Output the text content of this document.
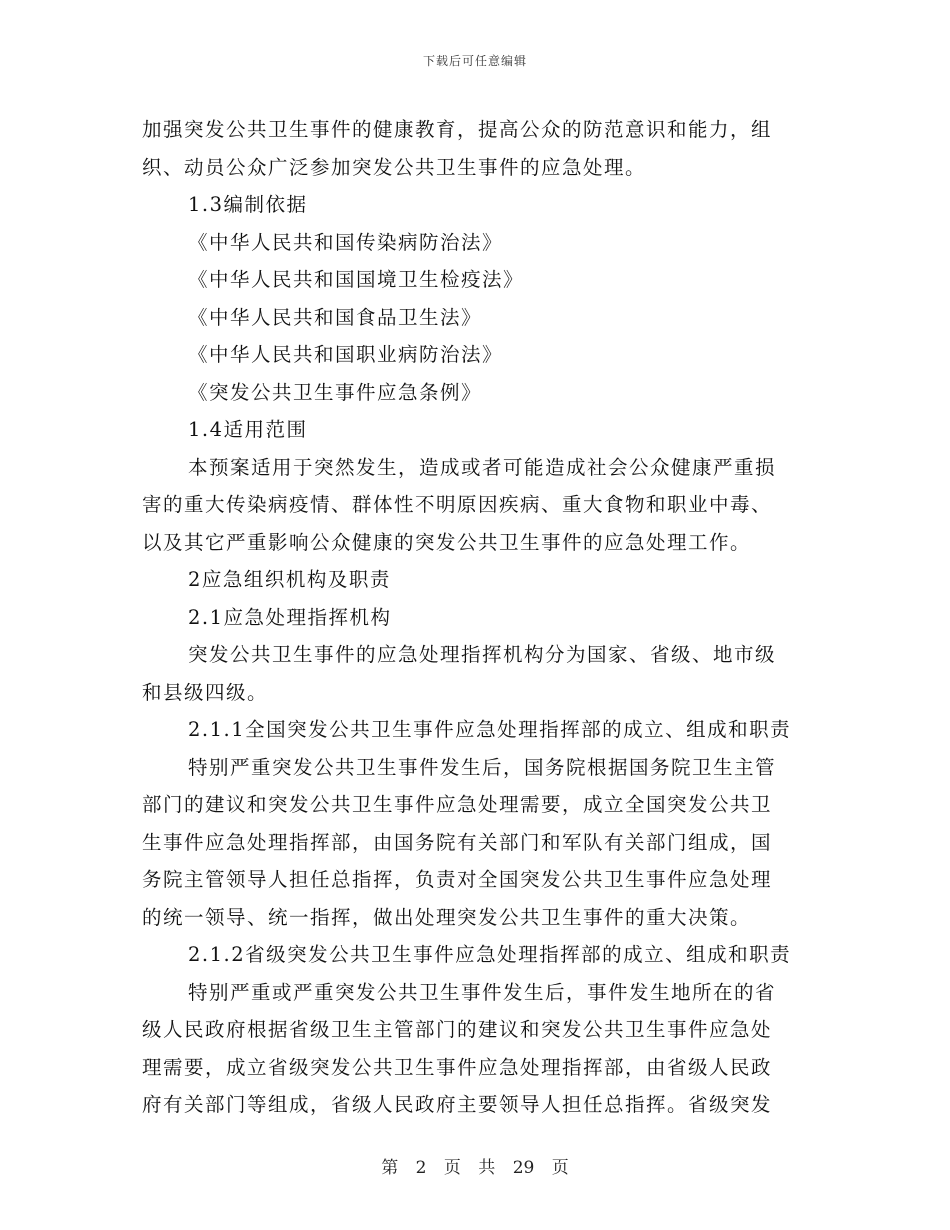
下载后可任意编辑
加强突发公共卫生事件的健康教育，提高公众的防范意识和能力，组
织、动员公众广泛参加突发公共卫生事件的应急处理。
1.3编制依据
《中华人民共和国传染病防治法》
《中华人民共和国国境卫生检疫法》
《中华人民共和国食品卫生法》
《中华人民共和国职业病防治法》
《突发公共卫生事件应急条例》
1.4适用范围
本预案适用于突然发生，造成或者可能造成社会公众健康严重损
害的重大传染病疫情、群体性不明原因疾病、重大食物和职业中毒、
以及其它严重影响公众健康的突发公共卫生事件的应急处理工作。
2应急组织机构及职责
2.1应急处理指挥机构
突发公共卫生事件的应急处理指挥机构分为国家、省级、地市级
和县级四级。
2.1.1全国突发公共卫生事件应急处理指挥部的成立、组成和职责
特别严重突发公共卫生事件发生后，国务院根据国务院卫生主管
部门的建议和突发公共卫生事件应急处理需要，成立全国突发公共卫
生事件应急处理指挥部，由国务院有关部门和军队有关部门组成，国
务院主管领导人担任总指挥，负责对全国突发公共卫生事件应急处理
的统一领导、统一指挥，做出处理突发公共卫生事件的重大决策。
2.1.2省级突发公共卫生事件应急处理指挥部的成立、组成和职责
特别严重或严重突发公共卫生事件发生后，事件发生地所在的省
级人民政府根据省级卫生主管部门的建议和突发公共卫生事件应急处
理需要，成立省级突发公共卫生事件应急处理指挥部，由省级人民政
府有关部门等组成，省级人民政府主要领导人担任总指挥。省级突发
第 2 页 共 29 页
